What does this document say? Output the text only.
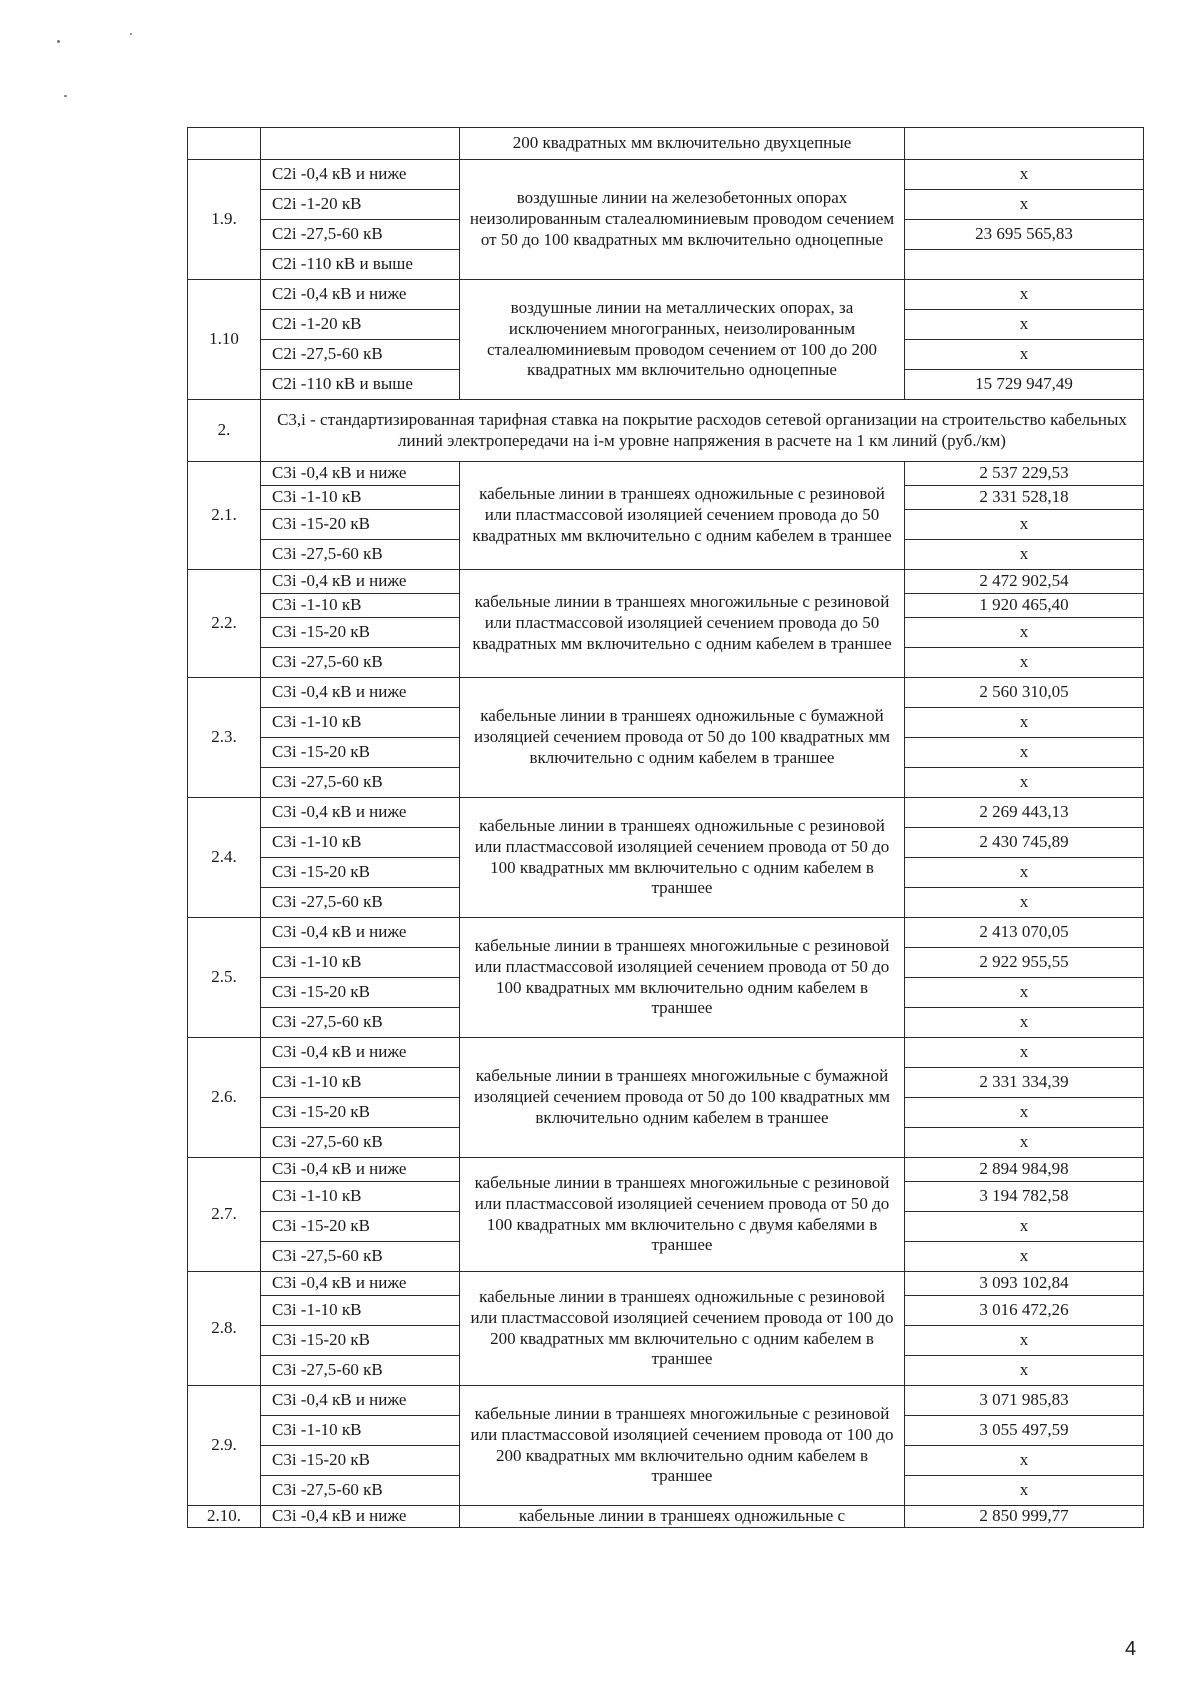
		200 квадратных мм включительно двухцепные	
1.9.	С2i -0,4 кВ и ниже	воздушные линии на железобетонных опорах неизолированным сталеалюминиевым проводом сечением от 50 до 100 квадратных мм включительно одноцепные	х
	С2i -1-20 кВ		х
	С2i -27,5-60 кВ		23 695 565,83
	С2i -110 кВ и выше		
1.10	С2i -0,4 кВ и ниже	воздушные линии на металлических опорах, за исключением многогранных, неизолированным сталеалюминиевым проводом сечением от 100 до 200 квадратных мм включительно одноцепные	х
	С2i -1-20 кВ		х
	С2i -27,5-60 кВ		х
	С2i -110 кВ и выше		15 729 947,49
2.	С3,i - стандартизированная тарифная ставка на покрытие расходов сетевой организации на строительство кабельных линий электропередачи на i-м уровне напряжения в расчете на 1 км линий (руб./км)		
2.1.	С3i -0,4 кВ и ниже	кабельные линии в траншеях одножильные с резиновой или пластмассовой изоляцией сечением провода до 50 квадратных мм включительно с одним кабелем в траншее	2 537 229,53
	С3i -1-10 кВ		2 331 528,18
	С3i -15-20 кВ		х
	С3i -27,5-60 кВ		х
2.2.	С3i -0,4 кВ и ниже	кабельные линии в траншеях многожильные с резиновой или пластмассовой изоляцией сечением провода до 50 квадратных мм включительно с одним кабелем в траншее	2 472 902,54
	С3i -1-10 кВ		1 920 465,40
	С3i -15-20 кВ		х
	С3i -27,5-60 кВ		х
2.3.	С3i -0,4 кВ и ниже	кабельные линии в траншеях одножильные с бумажной изоляцией сечением провода от 50 до 100 квадратных мм включительно с одним кабелем в траншее	2 560 310,05
	С3i -1-10 кВ		х
	С3i -15-20 кВ		х
	С3i -27,5-60 кВ		х
2.4.	С3i -0,4 кВ и ниже	кабельные линии в траншеях одножильные с резиновой или пластмассовой изоляцией сечением провода от 50 до 100 квадратных мм включительно с одним кабелем в траншее	2 269 443,13
	С3i -1-10 кВ		2 430 745,89
	С3i -15-20 кВ		х
	С3i -27,5-60 кВ		х
2.5.	С3i -0,4 кВ и ниже	кабельные линии в траншеях многожильные с резиновой или пластмассовой изоляцией сечением провода от 50 до 100 квадратных мм включительно одним кабелем в траншее	2 413 070,05
	С3i -1-10 кВ		2 922 955,55
	С3i -15-20 кВ		х
	С3i -27,5-60 кВ		х
2.6.	С3i -0,4 кВ и ниже	кабельные линии в траншеях многожильные с бумажной изоляцией сечением провода от 50 до 100 квадратных мм включительно одним кабелем в траншее	х
	С3i -1-10 кВ		2 331 334,39
	С3i -15-20 кВ		х
	С3i -27,5-60 кВ		х
2.7.	С3i -0,4 кВ и ниже	кабельные линии в траншеях многожильные с резиновой или пластмассовой изоляцией сечением провода от 50 до 100 квадратных мм включительно с двумя кабелями в траншее	2 894 984,98
	С3i -1-10 кВ		3 194 782,58
	С3i -15-20 кВ		х
	С3i -27,5-60 кВ		х
2.8.	С3i -0,4 кВ и ниже	кабельные линии в траншеях одножильные с резиновой или пластмассовой изоляцией сечением провода от 100 до 200 квадратных мм включительно с одним кабелем в траншее	3 093 102,84
	С3i -1-10 кВ		3 016 472,26
	С3i -15-20 кВ		х
	С3i -27,5-60 кВ		х
2.9.	С3i -0,4 кВ и ниже	кабельные линии в траншеях многожильные с резиновой или пластмассовой изоляцией сечением провода от 100 до 200 квадратных мм включительно одним кабелем в траншее	3 071 985,83
	С3i -1-10 кВ		3 055 497,59
	С3i -15-20 кВ		х
	С3i -27,5-60 кВ		х
2.10.	С3i -0,4 кВ и ниже	кабельные линии в траншеях одножильные с	2 850 999,77
4
